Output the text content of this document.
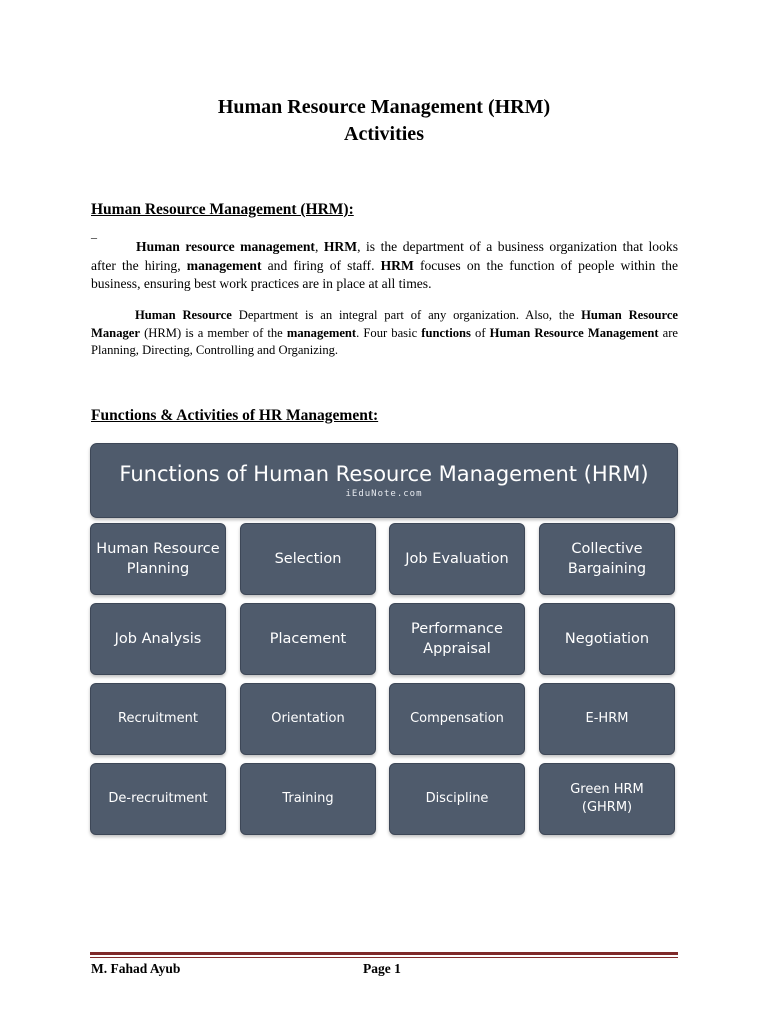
Human Resource Management (HRM)
Activities
Human Resource Management (HRM):
_
Human resource management, HRM, is the department of a business organization that looks after the hiring, management and firing of staff. HRM focuses on the function of people within the business, ensuring best work practices are in place at all times.
Human Resource Department is an integral part of any organization. Also, the Human Resource Manager (HRM) is a member of the management. Four basic functions of Human Resource Management are Planning, Directing, Controlling and Organizing.
Functions & Activities of HR Management:
Functions of Human Resource Management (HRM)
iEduNote.com
Human Resource Planning
Selection	Job Evaluation
Collective Bargaining
Job Analysis	Placement
Performance Appraisal
Negotiation
Recruitment	Orientation	Compensation	E-HRM
De-recruitment	Training	Discipline
Green HRM (GHRM)
M. Fahad Ayub	Page 1
